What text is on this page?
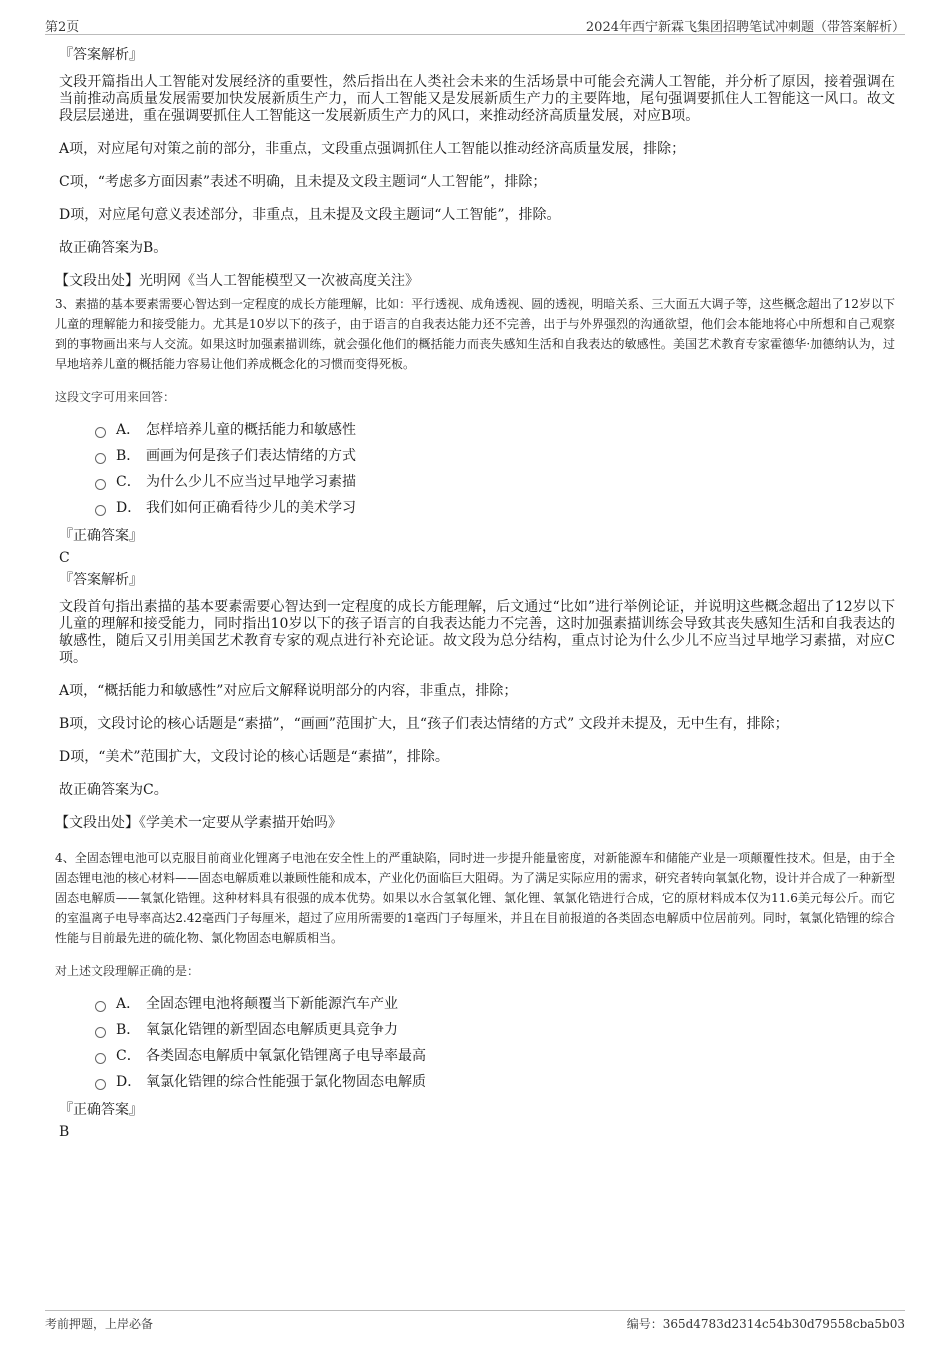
第2页	2024年西宁新霖飞集团招聘笔试冲刺题（带答案解析）
『答案解析』

文段开篇指出人工智能对发展经济的重要性，然后指出在人类社会未来的生活场景中可能会充满人工智能，并分析了原因，接着强调在当前推动高质量发展需要加快发展新质生产力，而人工智能又是发展新质生产力的主要阵地，尾句强调要抓住人工智能这一风口。故文段层层递进，重在强调要抓住人工智能这一发展新质生产力的风口，来推动经济高质量发展，对应B项。

A项，对应尾句对策之前的部分，非重点，文段重点强调抓住人工智能以推动经济高质量发展，排除；

C项，“考虑多方面因素”表述不明确，且未提及文段主题词“人工智能”，排除；

D项，对应尾句意义表述部分，非重点，且未提及文段主题词“人工智能”，排除。

故正确答案为B。

【文段出处】光明网《当人工智能模型又一次被高度关注》

3、素描的基本要素需要心智达到一定程度的成长方能理解，比如：平行透视、成角透视、圆的透视，明暗关系、三大面五大调子等，这些概念超出了12岁以下儿童的理解能力和接受能力。尤其是10岁以下的孩子，由于语言的自我表达能力还不完善，出于与外界强烈的沟通欲望，他们会本能地将心中所想和自己观察到的事物画出来与人交流。如果这时加强素描训练，就会强化他们的概括能力而丧失感知生活和自我表达的敏感性。美国艺术教育专家霍德华·加德纳认为，过早地培养儿童的概括能力容易让他们养成概念化的习惯而变得死板。

这段文字可用来回答：
A． 怎样培养儿童的概括能力和敏感性
B． 画画为何是孩子们表达情绪的方式
C． 为什么少儿不应当过早地学习素描
D． 我们如何正确看待少儿的美术学习
『正确答案』
C
『答案解析』

文段首句指出素描的基本要素需要心智达到一定程度的成长方能理解，后文通过“比如”进行举例论证，并说明这些概念超出了12岁以下儿童的理解和接受能力，同时指出10岁以下的孩子语言的自我表达能力不完善，这时加强素描训练会导致其丧失感知生活和自我表达的敏感性，随后又引用美国艺术教育专家的观点进行补充论证。故文段为总分结构，重点讨论为什么少儿不应当过早地学习素描，对应C项。

A项，“概括能力和敏感性”对应后文解释说明部分的内容，非重点，排除；

B项，文段讨论的核心话题是“素描”，“画画”范围扩大，且“孩子们表达情绪的方式” 文段并未提及，无中生有，排除；

D项，“美术”范围扩大，文段讨论的核心话题是“素描”，排除。

故正确答案为C。

【文段出处】《学美术一定要从学素描开始吗》

4、全固态锂电池可以克服目前商业化锂离子电池在安全性上的严重缺陷，同时进一步提升能量密度，对新能源车和储能产业是一项颠覆性技术。但是，由于全固态锂电池的核心材料——固态电解质难以兼顾性能和成本，产业化仍面临巨大阻碍。为了满足实际应用的需求，研究者转向氧氯化物，设计并合成了一种新型固态电解质——氧氯化锆锂。这种材料具有很强的成本优势。如果以水合氢氧化锂、氯化锂、氧氯化锆进行合成，它的原材料成本仅为11.6美元每公斤。而它的室温离子电导率高达2.42毫西门子每厘米，超过了应用所需要的1毫西门子每厘米，并且在目前报道的各类固态电解质中位居前列。同时，氧氯化锆锂的综合性能与目前最先进的硫化物、氯化物固态电解质相当。

对上述文段理解正确的是：
A． 全固态锂电池将颠覆当下新能源汽车产业
B． 氧氯化锆锂的新型固态电解质更具竞争力
C． 各类固态电解质中氧氯化锆锂离子电导率最高
D． 氧氯化锆锂的综合性能强于氯化物固态电解质
『正确答案』
B
考前押题，上岸必备	编号：365d4783d2314c54b30d79558cba5b03
